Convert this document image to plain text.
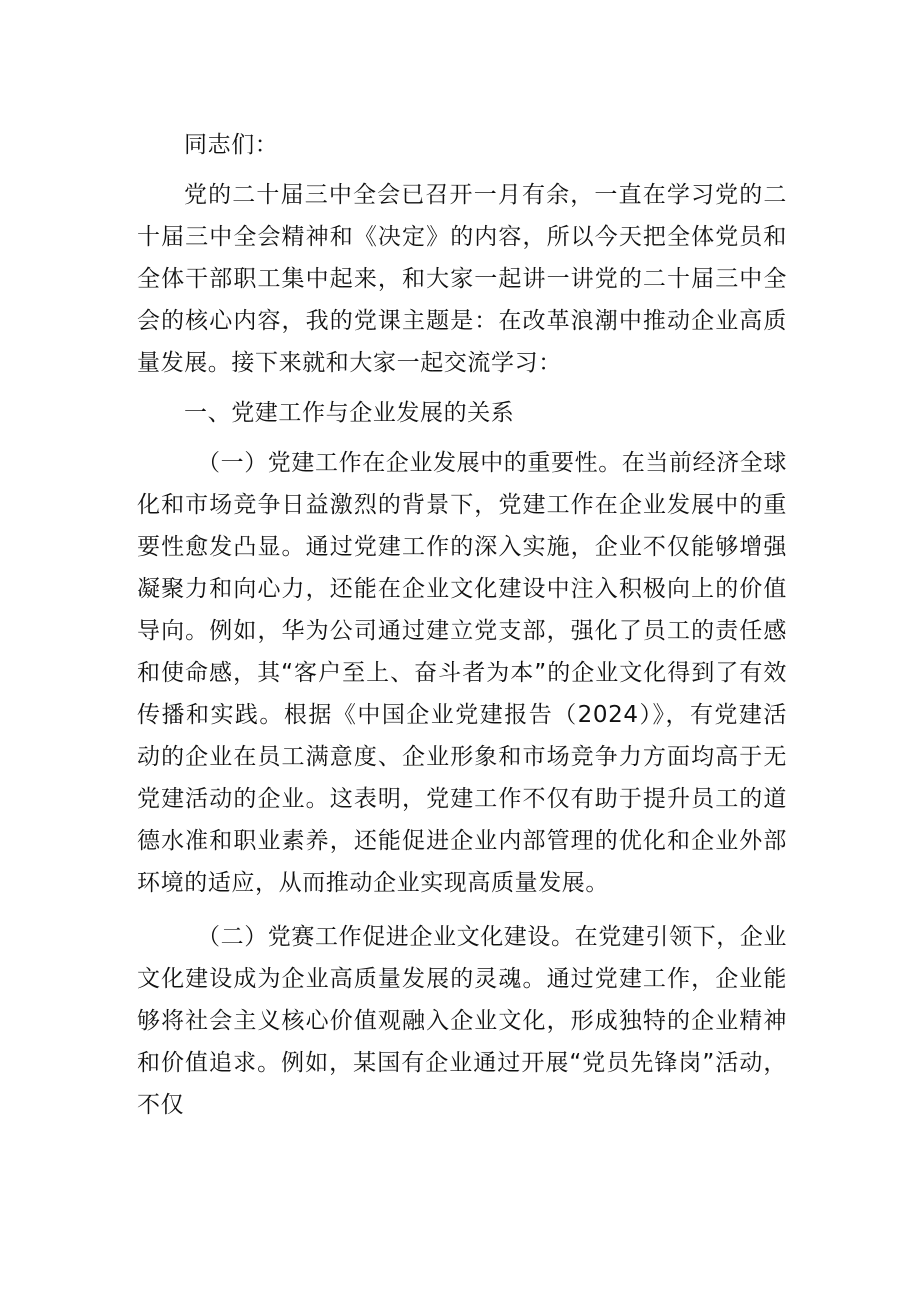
同志们：

党的二十届三中全会已召开一月有余，一直在学习党的二十届三中全会精神和《决定》的内容，所以今天把全体党员和全体干部职工集中起来，和大家一起讲一讲党的二十届三中全会的核心内容，我的党课主题是：在改革浪潮中推动企业高质量发展。接下来就和大家一起交流学习：

一、党建工作与企业发展的关系

（一）党建工作在企业发展中的重要性。在当前经济全球化和市场竞争日益激烈的背景下，党建工作在企业发展中的重要性愈发凸显。通过党建工作的深入实施，企业不仅能够增强凝聚力和向心力，还能在企业文化建设中注入积极向上的价值导向。例如，华为公司通过建立党支部，强化了员工的责任感和使命感，其“客户至上、奋斗者为本”的企业文化得到了有效传播和实践。根据《中国企业党建报告（2024）》，有党建活动的企业在员工满意度、企业形象和市场竞争力方面均高于无党建活动的企业。这表明，党建工作不仅有助于提升员工的道德水准和职业素养，还能促进企业内部管理的优化和企业外部环境的适应，从而推动企业实现高质量发展。

（二）党赛工作促进企业文化建设。在党建引领下，企业文化建设成为企业高质量发展的灵魂。通过党建工作，企业能够将社会主义核心价值观融入企业文化，形成独特的企业精神和价值追求。例如，某国有企业通过开展“党员先锋岗”活动，不仅
